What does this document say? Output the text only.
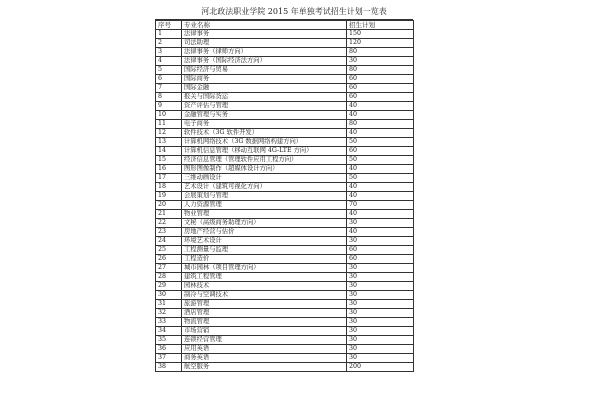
河北政法职业学院 2015 年单独考试招生计划一览表
序号	专业名称	招生计划
1	法律事务	150
2	司法助理	120
3	法律事务（律师方向）	80
4	法律事务（国际经济法方向）	30
5	国际经济与贸易	80
6	国际商务	60
7	国际金融	60
8	报关与国际货运	60
9	资产评估与管理	40
10	金融管理与实务	40
11	电子商务	80
12	软件技术（3G 软件开发）	40
13	计算机网络技术（3G 数据网络构建方向）	50
14	计算机信息管理（移动互联网 4G-LTE 方向）	60
15	经济信息管理（管理软件应用工程方向）	50
16	图形图像制作（超媒体设计方向）	40
17	三维动画设计	50
18	艺术设计（建筑可视化方向）	40
19	会展策划与管理	40
20	人力资源管理	70
21	物业管理	40
22	文秘（高级商务助理方向）	30
23	房地产经营与估价	40
24	环境艺术设计	30
25	工程测量与监理	60
26	工程造价	60
27	城市园林（项目管理方向）	30
28	建筑工程管理	30
29	园林技术	30
30	制冷与空调技术	30
31	旅游管理	30
32	酒店管理	30
33	物流管理	30
34	市场营销	30
35	连锁经营管理	30
36	应用英语	30
37	商务英语	30
38	航空服务	200
